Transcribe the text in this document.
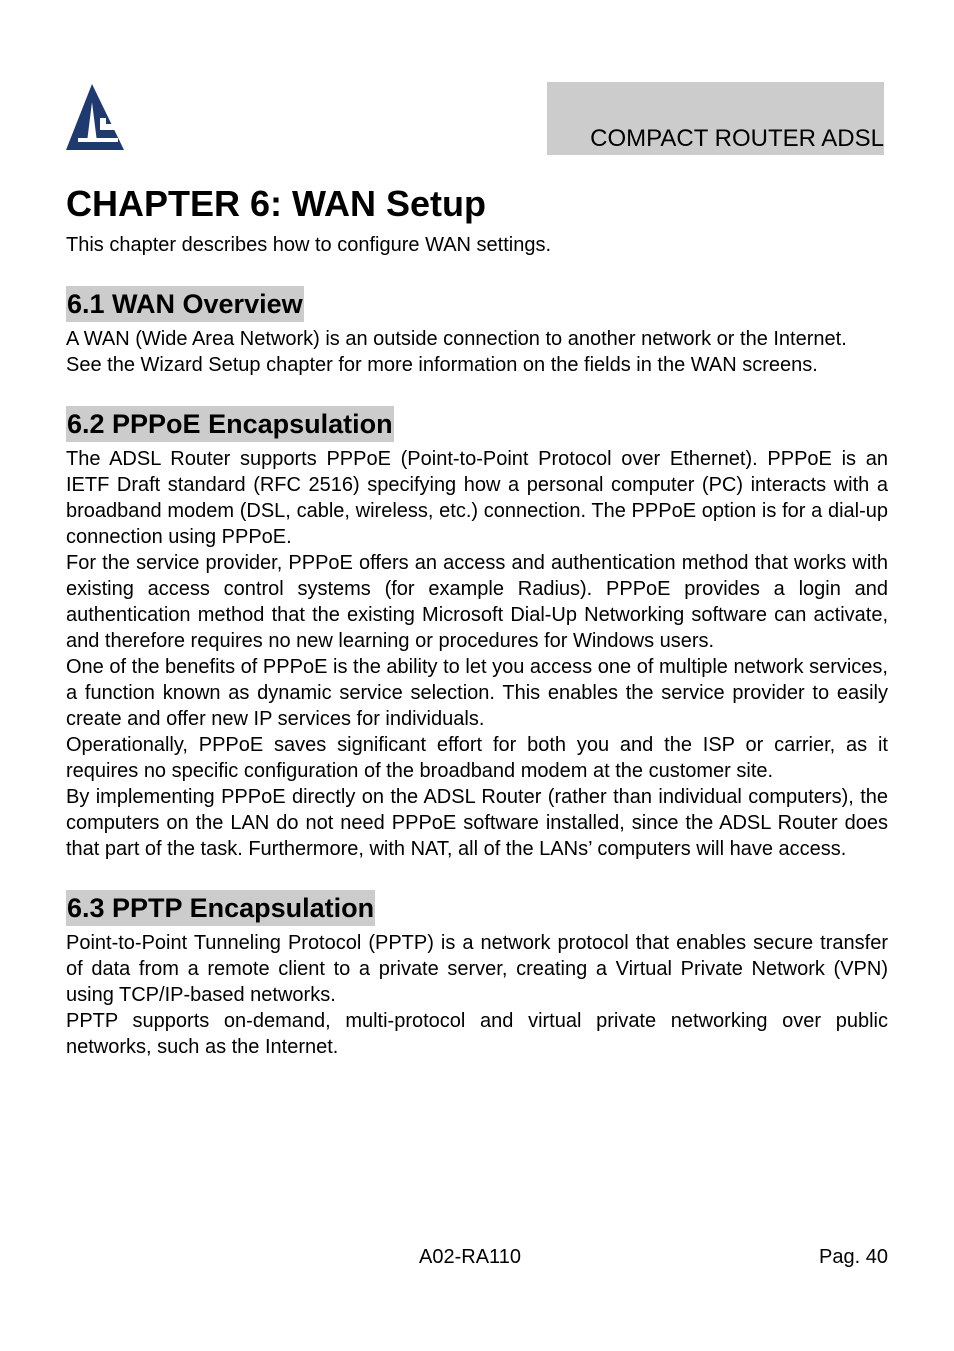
COMPACT ROUTER ADSL
CHAPTER 6: WAN Setup

This chapter describes how to configure WAN settings.

6.1 WAN Overview

A WAN (Wide Area Network) is an outside connection to another network or the Internet.

See the Wizard Setup chapter for more information on the fields in the WAN screens.

6.2 PPPoE Encapsulation

The ADSL Router supports PPPoE (Point-to-Point Protocol over Ethernet). PPPoE is an IETF Draft standard (RFC 2516) specifying how a personal computer (PC) interacts with a broadband modem (DSL, cable, wireless, etc.) connection. The PPPoE option is for a dial-up connection using PPPoE.

For the service provider, PPPoE offers an access and authentication method that works with existing access control systems (for example Radius). PPPoE provides a login and authentication method that the existing Microsoft Dial-Up Networking software can activate, and therefore requires no new learning or procedures for Windows users.

One of the benefits of PPPoE is the ability to let you access one of multiple network services, a function known as dynamic service selection. This enables the service provider to easily create and offer new IP services for individuals.

Operationally, PPPoE saves significant effort for both you and the ISP or carrier, as it requires no specific configuration of the broadband modem at the customer site.

By implementing PPPoE directly on the ADSL Router (rather than individual computers), the computers on the LAN do not need PPPoE software installed, since the ADSL Router does that part of the task. Furthermore, with NAT, all of the LANs’ computers will have access.

6.3 PPTP Encapsulation

Point-to-Point Tunneling Protocol (PPTP) is a network protocol that enables secure transfer of data from a remote client to a private server, creating a Virtual Private Network (VPN) using TCP/IP-based networks.

PPTP supports on-demand, multi-protocol and virtual private networking over public networks, such as the Internet.

A02-RA110	Pag. 40
